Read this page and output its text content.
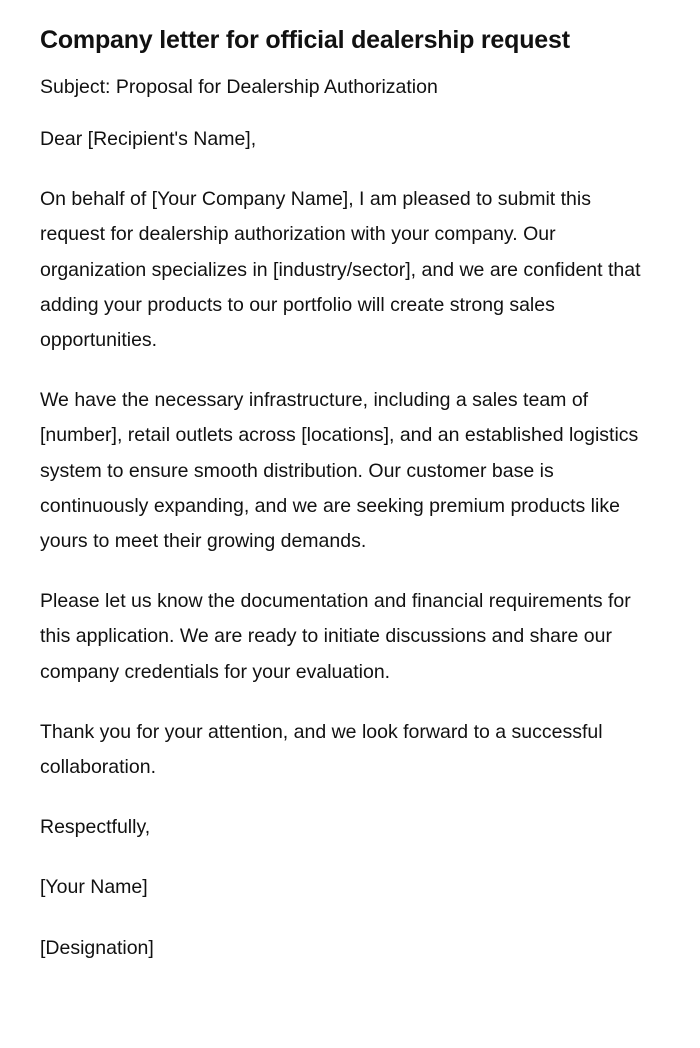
Company letter for official dealership request

Subject: Proposal for Dealership Authorization

Dear [Recipient's Name],

On behalf of [Your Company Name], I am pleased to submit this request for dealership authorization with your company. Our organization specializes in [industry/sector], and we are confident that adding your products to our portfolio will create strong sales opportunities.

We have the necessary infrastructure, including a sales team of [number], retail outlets across [locations], and an established logistics system to ensure smooth distribution. Our customer base is continuously expanding, and we are seeking premium products like yours to meet their growing demands.

Please let us know the documentation and financial requirements for this application. We are ready to initiate discussions and share our company credentials for your evaluation.

Thank you for your attention, and we look forward to a successful collaboration.

Respectfully,

[Your Name]

[Designation]
